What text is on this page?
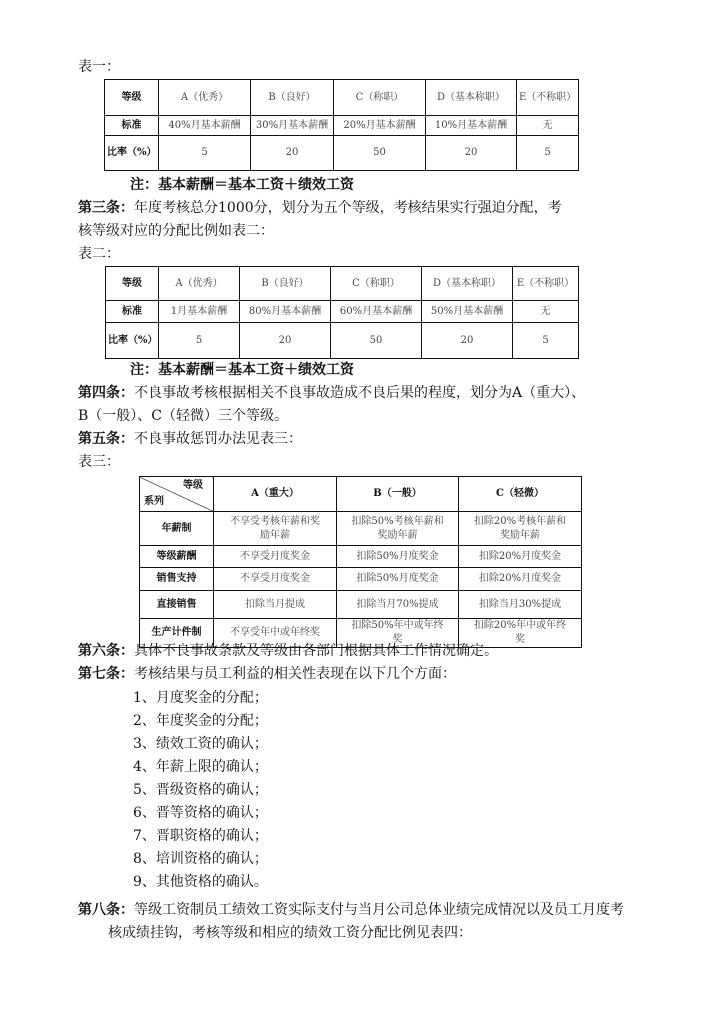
表一：
等级	A（优秀）	B（良好）	C（称职）	D（基本称职）	E（不称职）
标准	40%月基本薪酬	30%月基本薪酬	20%月基本薪酬	10%月基本薪酬	无
比率（%）	5	20	50	20	5
注：基本薪酬＝基本工资＋绩效工资
第三条：年度考核总分1000分，划分为五个等级，考核结果实行强迫分配，考
核等级对应的分配比例如表二：
表二：
等级	A（优秀）	B（良好）	C（称职）	D（基本称职）	E（不称职）
标准	1月基本薪酬	80%月基本薪酬	60%月基本薪酬	50%月基本薪酬	无
比率（%）	5	20	50	20	5
注：基本薪酬＝基本工资＋绩效工资
第四条：不良事故考核根据相关不良事故造成不良后果的程度，划分为A（重大）、
B（一般）、C（轻微）三个等级。
第五条：不良事故惩罚办法见表三：
表三：
等级
系列	A（重大）	B（一般）	C（轻微）
年薪制	不享受考核年薪和奖励年薪	扣除50%考核年薪和奖励年薪	扣除20%考核年薪和奖励年薪
等级薪酬	不享受月度奖金	扣除50%月度奖金	扣除20%月度奖金
销售支持	不享受月度奖金	扣除50%月度奖金	扣除20%月度奖金
直接销售	扣除当月提成	扣除当月70%提成	扣除当月30%提成
生产计件制	不享受年中或年终奖	扣除50%年中或年终奖	扣除20%年中或年终奖
第六条：具体不良事故条款及等级由各部门根据具体工作情况确定。
第七条：考核结果与员工利益的相关性表现在以下几个方面：
1、月度奖金的分配；
2、年度奖金的分配；
3、绩效工资的确认；
4、年薪上限的确认；
5、晋级资格的确认；
6、晋等资格的确认；
7、晋职资格的确认；
8、培训资格的确认；
9、其他资格的确认。
第八条：等级工资制员工绩效工资实际支付与当月公司总体业绩完成情况以及员工月度考
核成绩挂钩，考核等级和相应的绩效工资分配比例见表四：
